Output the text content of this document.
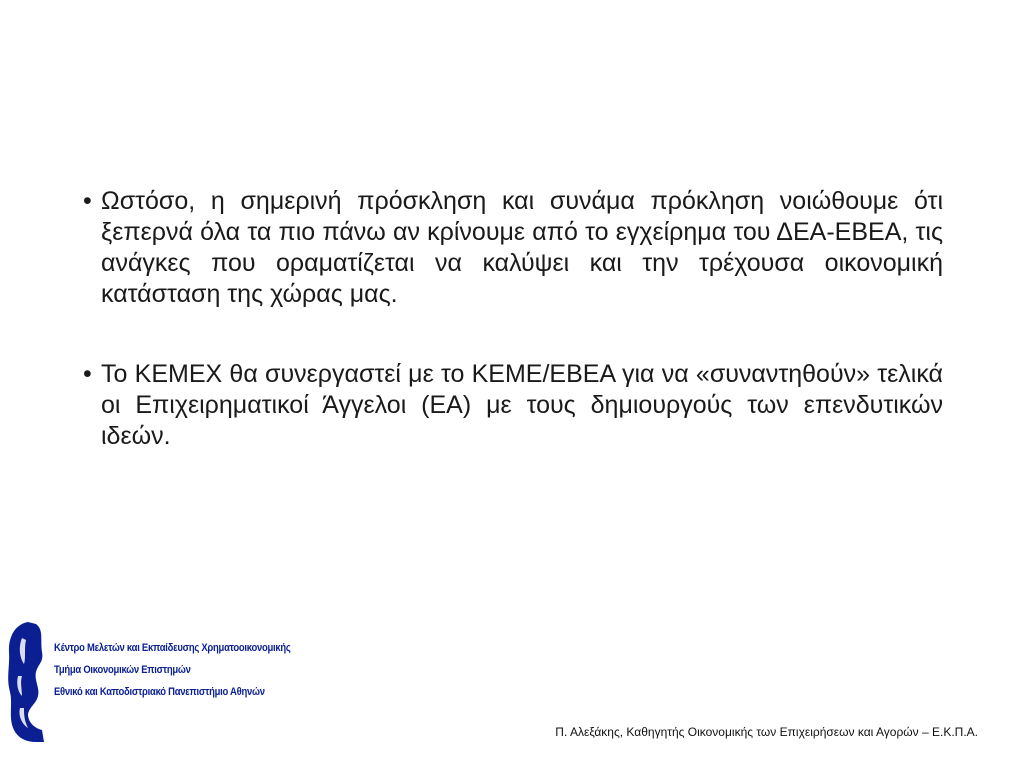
• Ωστόσο, η σημερινή πρόσκληση και συνάμα πρόκληση νοιώθουμε ότι ξεπερνά όλα τα πιο πάνω αν κρίνουμε από το εγχείρημα του ΔΕΑ-ΕΒΕΑ, τις ανάγκες που οραματίζεται να καλύψει και την τρέχουσα οικονομική κατάσταση της χώρας μας.
• Το ΚΕΜΕΧ θα συνεργαστεί με το ΚΕΜΕ/ΕΒΕΑ για να «συναντηθούν» τελικά οι Επιχειρηματικοί Άγγελοι (ΕΑ) με τους δημιουργούς των επενδυτικών ιδεών.
Κέντρο Μελετών και Εκπαίδευσης Χρηματοοικονομικής
Τμήμα Οικονομικών Επιστημών
Εθνικό και Καποδιστριακό Πανεπιστήμιο Αθηνών
Π. Αλεξάκης, Καθηγητής Οικονομικής των Επιχειρήσεων και Αγορών – Ε.Κ.Π.Α.
